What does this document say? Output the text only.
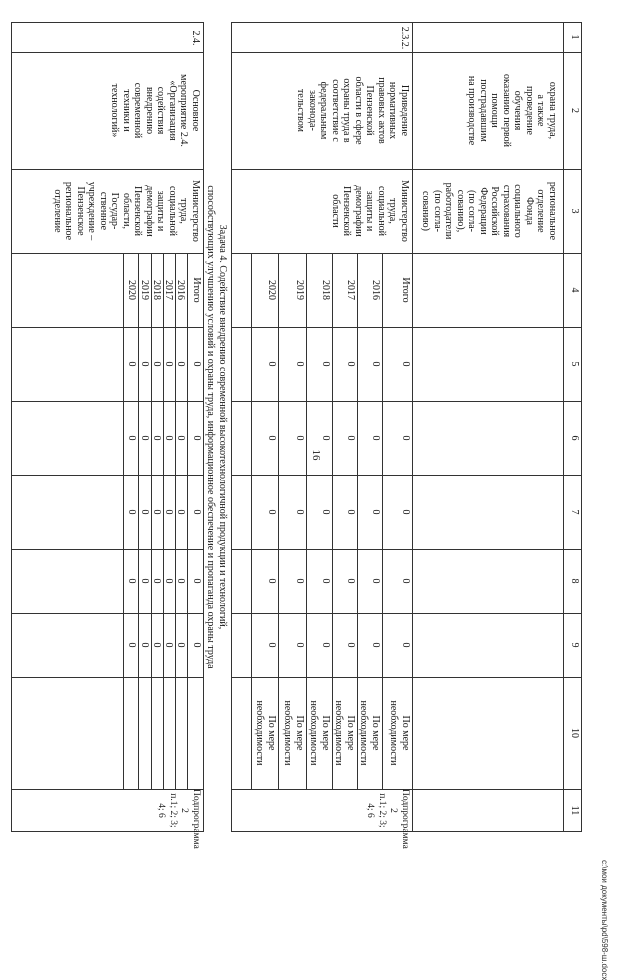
16
c:\мои документы\pd\598-ш.docx
1
2
3
4
5
6
7
8
9
10
11
охрана труда,
а также
проведение
обучения
оказанию первой
помощи
пострадавшим
на производстве
региональное
отделение
Фонда
социального
страхования
Российской
Федерации
(по согла-
сованию),
работодатели
(по согла-
сованию)
2.3.2.
Приведение
нормативных
правовых актов
Пензенской
области в сфере
охраны труда в
соответствие с
федеральным
законода-
тельством
Министерство
труда,
социальной
защиты и
демографии
Пензенской
области
Итого
0
0
0
0
0
По мере
необходимости
2016
0
0
0
0
0
По мере
необходимости
2017
0
0
0
0
0
По мере
необходимости
2018
0
0
0
0
0
По мере
необходимости
2019
0
0
0
0
0
По мере
необходимости
2020
0
0
0
0
0
По мере
необходимости
Подпрограмма 2
п.1; 2; 3; 4; 6
Задача 4. Содействие внедрению современной высокотехнологичной продукции и технологий,
способствующих улучшению условий и охраны труда, информационное обеспечение и пропаганда охраны труда
2.4.
Основное
мероприятие 2.4.
«Организация
содействия
внедрению
современной
техники и
технологий»
Министерство
труда,
социальной
защиты и
демографии
Пензенской
области,
Государ-
ственное
учреждение –
Пензенское
региональное
отделение
Итого
0
0
0
0
0
2016
0
0
0
0
0
2017
0
0
0
0
0
2018
0
0
0
0
0
2019
0
0
0
0
0
2020
0
0
0
0
0
Подпрограмма 2
п.1; 2; 3; 4; 6
